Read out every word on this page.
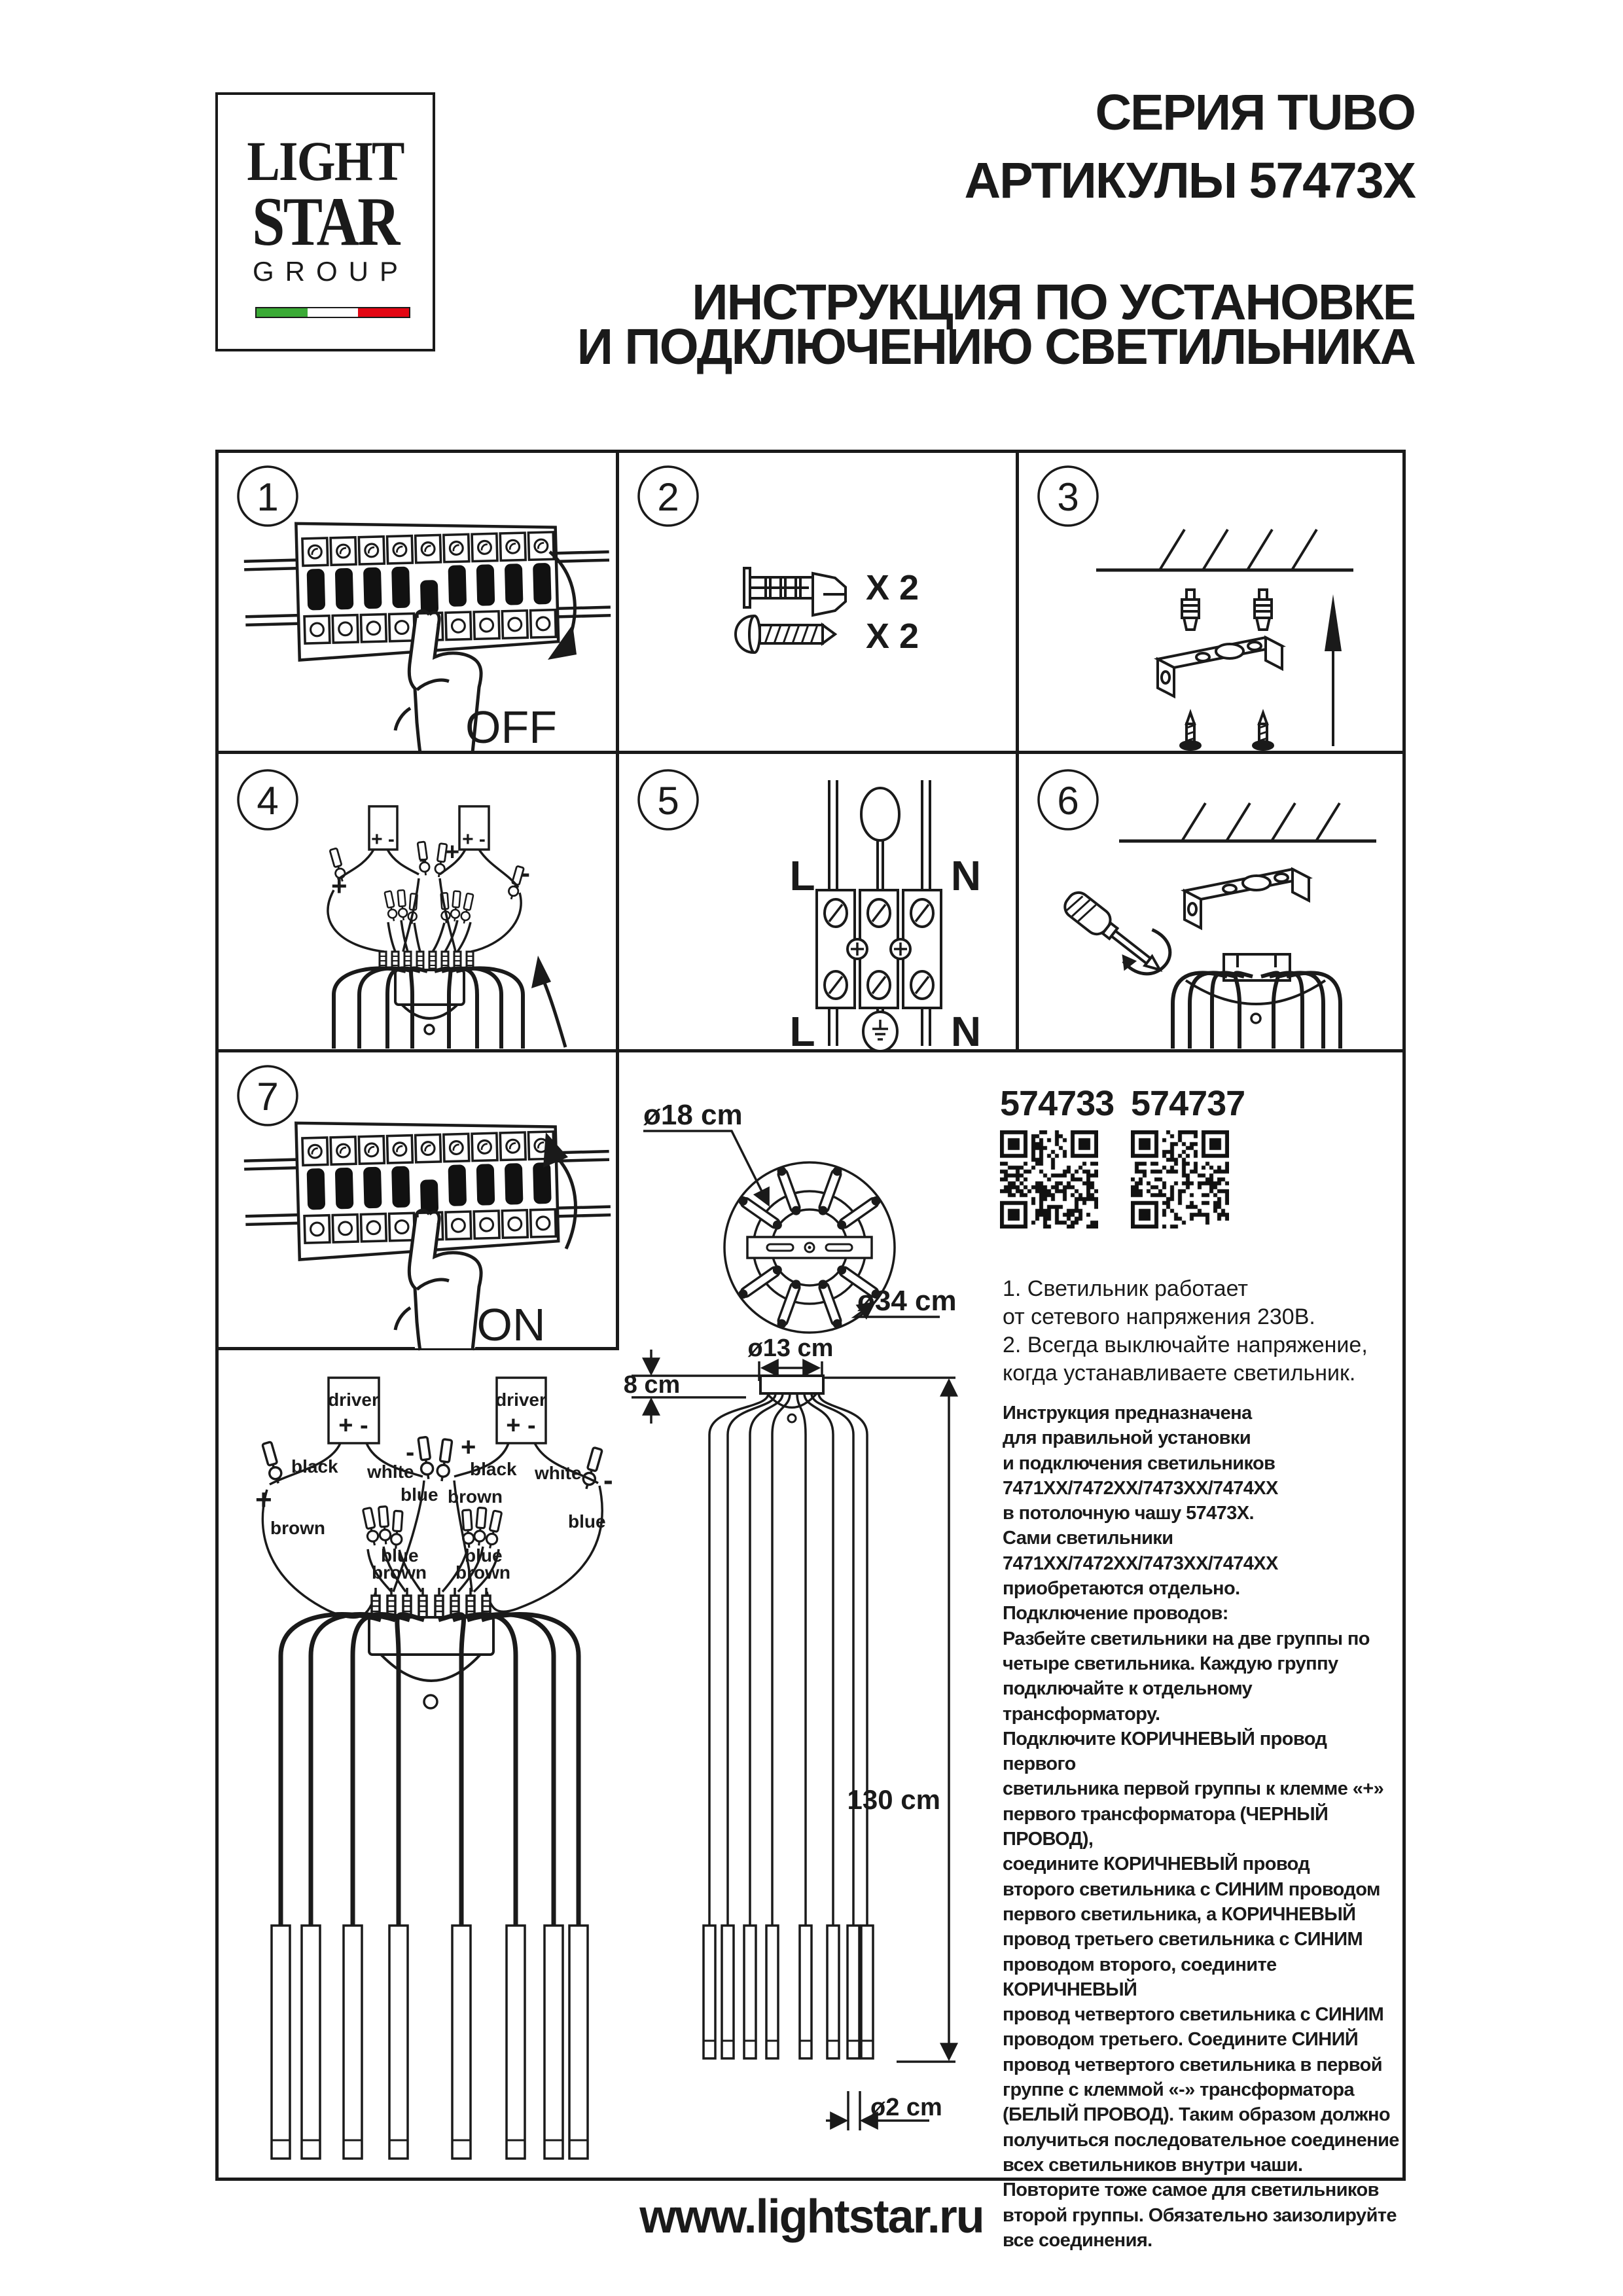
LIGHT
STAR
GROUP
СЕРИЯ TUBO
АРТИКУЛЫ 57473X
ИНСТРУКЦИЯ ПО УСТАНОВКЕ
И ПОДКЛЮЧЕНИЮ СВЕТИЛЬНИКА
1
OFF
2
X 2
X 2
3
4
+ -	+ -
- +
+	-
5
L	N
L	N
6
7
ON
ø18 cm
ø34 cm
574733 574737
1. Светильник работает
от сетевого напряжения 230В.
2. Всегда выключайте напряжение,
когда устанавливаете светильник.
Инструкция предназначена
для правильной установки
и подключения светильников
7471XX/7472XX/7473XX/7474XX
в потолочную чашу 57473X.
Сами светильники
7471XX/7472XX/7473XX/7474XX
приобретаются отдельно.
Подключение проводов:
Разбейте светильники на две группы по
четыре светильника. Каждую группу
подключайте к отдельному трансформатору.
Подключите КОРИЧНЕВЫЙ провод первого
светильника первой группы к клемме «+»
первого трансформатора (ЧЕРНЫЙ ПРОВОД),
соедините КОРИЧНЕВЫЙ провод
второго светильника с СИНИМ проводом
первого светильника, а КОРИЧНЕВЫЙ
провод третьего светильника с СИНИМ
проводом второго, соедините КОРИЧНЕВЫЙ
провод четвертого светильника с СИНИМ
проводом третьего. Соедините СИНИЙ
провод четвертого светильника в первой
группе с клеммой «-» трансформатора
(БЕЛЫЙ ПРОВОД). Таким образом должно
получиться последовательное соединение
всех светильников внутри чаши.
Повторите тоже самое для светильников
второй группы. Обязательно заизолируйте
все соединения.
ø13 cm
8 cm
130 cm
ø2 cm
driver
+ -
driver
+ -
black white	black white
- +
+
brown
-
blue
blue brown
blue
brown
blue
brown
www.lightstar.ru
